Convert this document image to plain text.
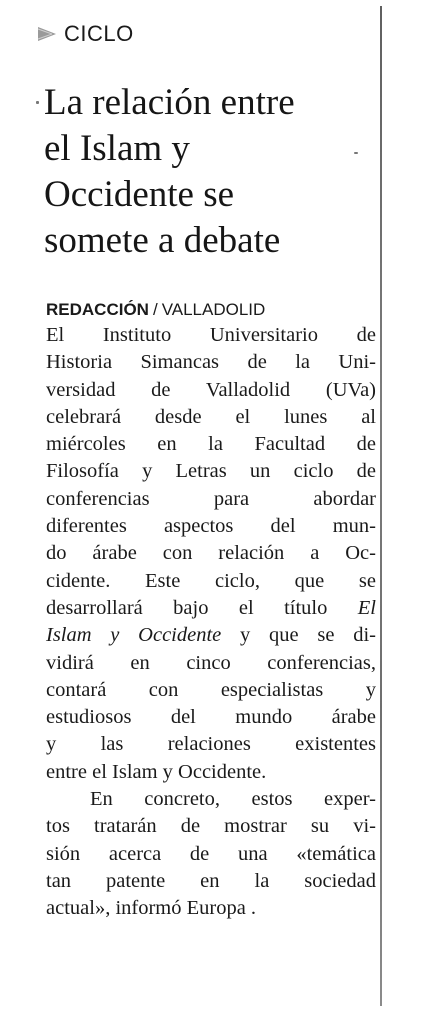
CICLO
La relación entre
el Islam y
Occidente se
somete a debate
REDACCIÓN / VALLADOLID
El Instituto Universitario de
Historia Simancas de la Uni-
versidad de Valladolid (UVa)
celebrará desde el lunes al
miércoles en la Facultad de
Filosofía y Letras un ciclo de
conferencias para abordar
diferentes aspectos del mun-
do árabe con relación a Oc-
cidente. Este ciclo, que se
desarrollará bajo el título El
Islam y Occidente y que se di-
vidirá en cinco conferencias,
contará con especialistas y
estudiosos del mundo árabe
y las relaciones existentes
entre el Islam y Occidente.
En concreto, estos exper-
tos tratarán de mostrar su vi-
sión acerca de una «temática
tan patente en la sociedad
actual», informó Europa .
